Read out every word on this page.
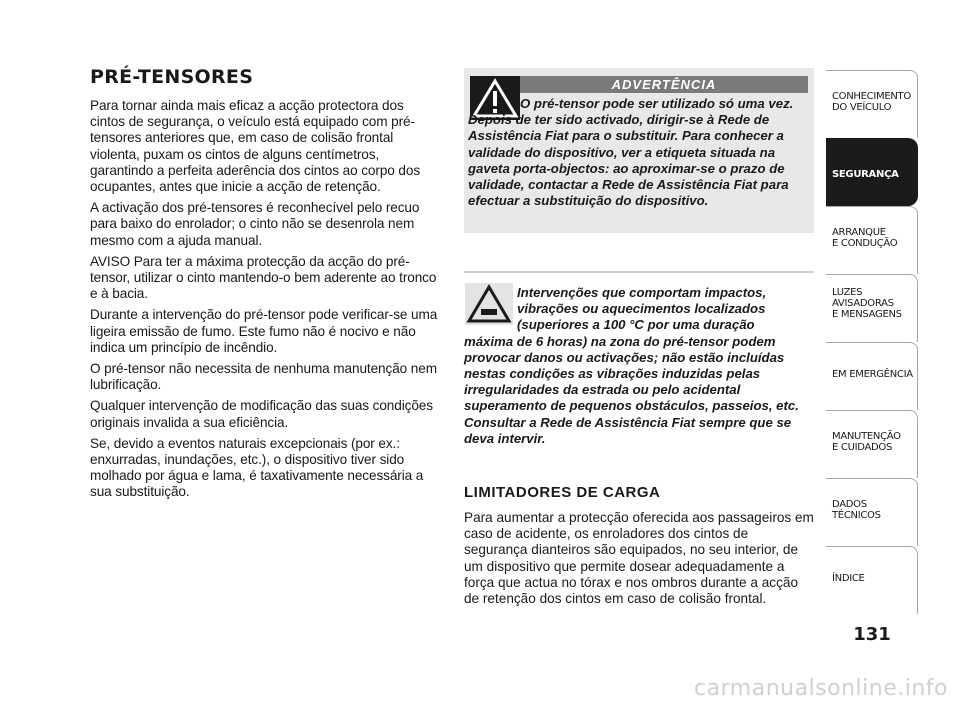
PRÉ-TENSORES

Para tornar ainda mais eficaz a acção protectora dos cintos de segurança, o veículo está equipado com pré-tensores anteriores que, em caso de colisão frontal violenta, puxam os cintos de alguns centímetros, garantindo a perfeita aderência dos cintos ao corpo dos ocupantes, antes que inicie a acção de retenção.

A activação dos pré-tensores é reconhecível pelo recuo para baixo do enrolador; o cinto não se desenrola nem mesmo com a ajuda manual.

AVISO Para ter a máxima protecção da acção do pré-tensor, utilizar o cinto mantendo-o bem aderente ao tronco e à bacia.

Durante a intervenção do pré-tensor pode verificar-se uma ligeira emissão de fumo. Este fumo não é nocivo e não indica um princípio de incêndio.

O pré-tensor não necessita de nenhuma manutenção nem lubrificação.

Qualquer intervenção de modificação das suas condições originais invalida a sua eficiência.

Se, devido a eventos naturais excepcionais (por ex.: enxurradas, inundações, etc.), o dispositivo tiver sido molhado por água e lama, é taxativamente necessária a sua substituição.

ADVERTÊNCIA
O pré-tensor pode ser utilizado só uma vez. Depois de ter sido activado, dirigir-se à Rede de Assistência Fiat para o substituir. Para conhecer a validade do dispositivo, ver a etiqueta situada na gaveta porta-objectos: ao aproximar-se o prazo de validade, contactar a Rede de Assistência Fiat para efectuar a substituição do dispositivo.
Intervenções que comportam impactos, vibrações ou aquecimentos localizados (superiores a 100 °C por uma duração
máxima de 6 horas) na zona do pré-tensor podem provocar danos ou activações; não estão incluídas nestas condições as vibrações induzidas pelas irregularidades da estrada ou pelo acidental superamento de pequenos obstáculos, passeios, etc. Consultar a Rede de Assistência Fiat sempre que se deva intervir.
LIMITADORES DE CARGA

Para aumentar a protecção oferecida aos passageiros em caso de acidente, os enroladores dos cintos de segurança dianteiros são equipados, no seu interior, de um dispositivo que permite dosear adequadamente a força que actua no tórax e nos ombros durante a acção de retenção dos cintos em caso de colisão frontal.

CONHECIMENTO
DO VEÍCULO
SEGURANÇA
ARRANQUE
E CONDUÇÃO
LUZES
AVISADORAS
E MENSAGENS
EM EMERGÊNCIA
MANUTENÇÃO
E CUIDADOS
DADOS
TÉCNICOS
ÍNDICE
131
carmanualsonline.info
